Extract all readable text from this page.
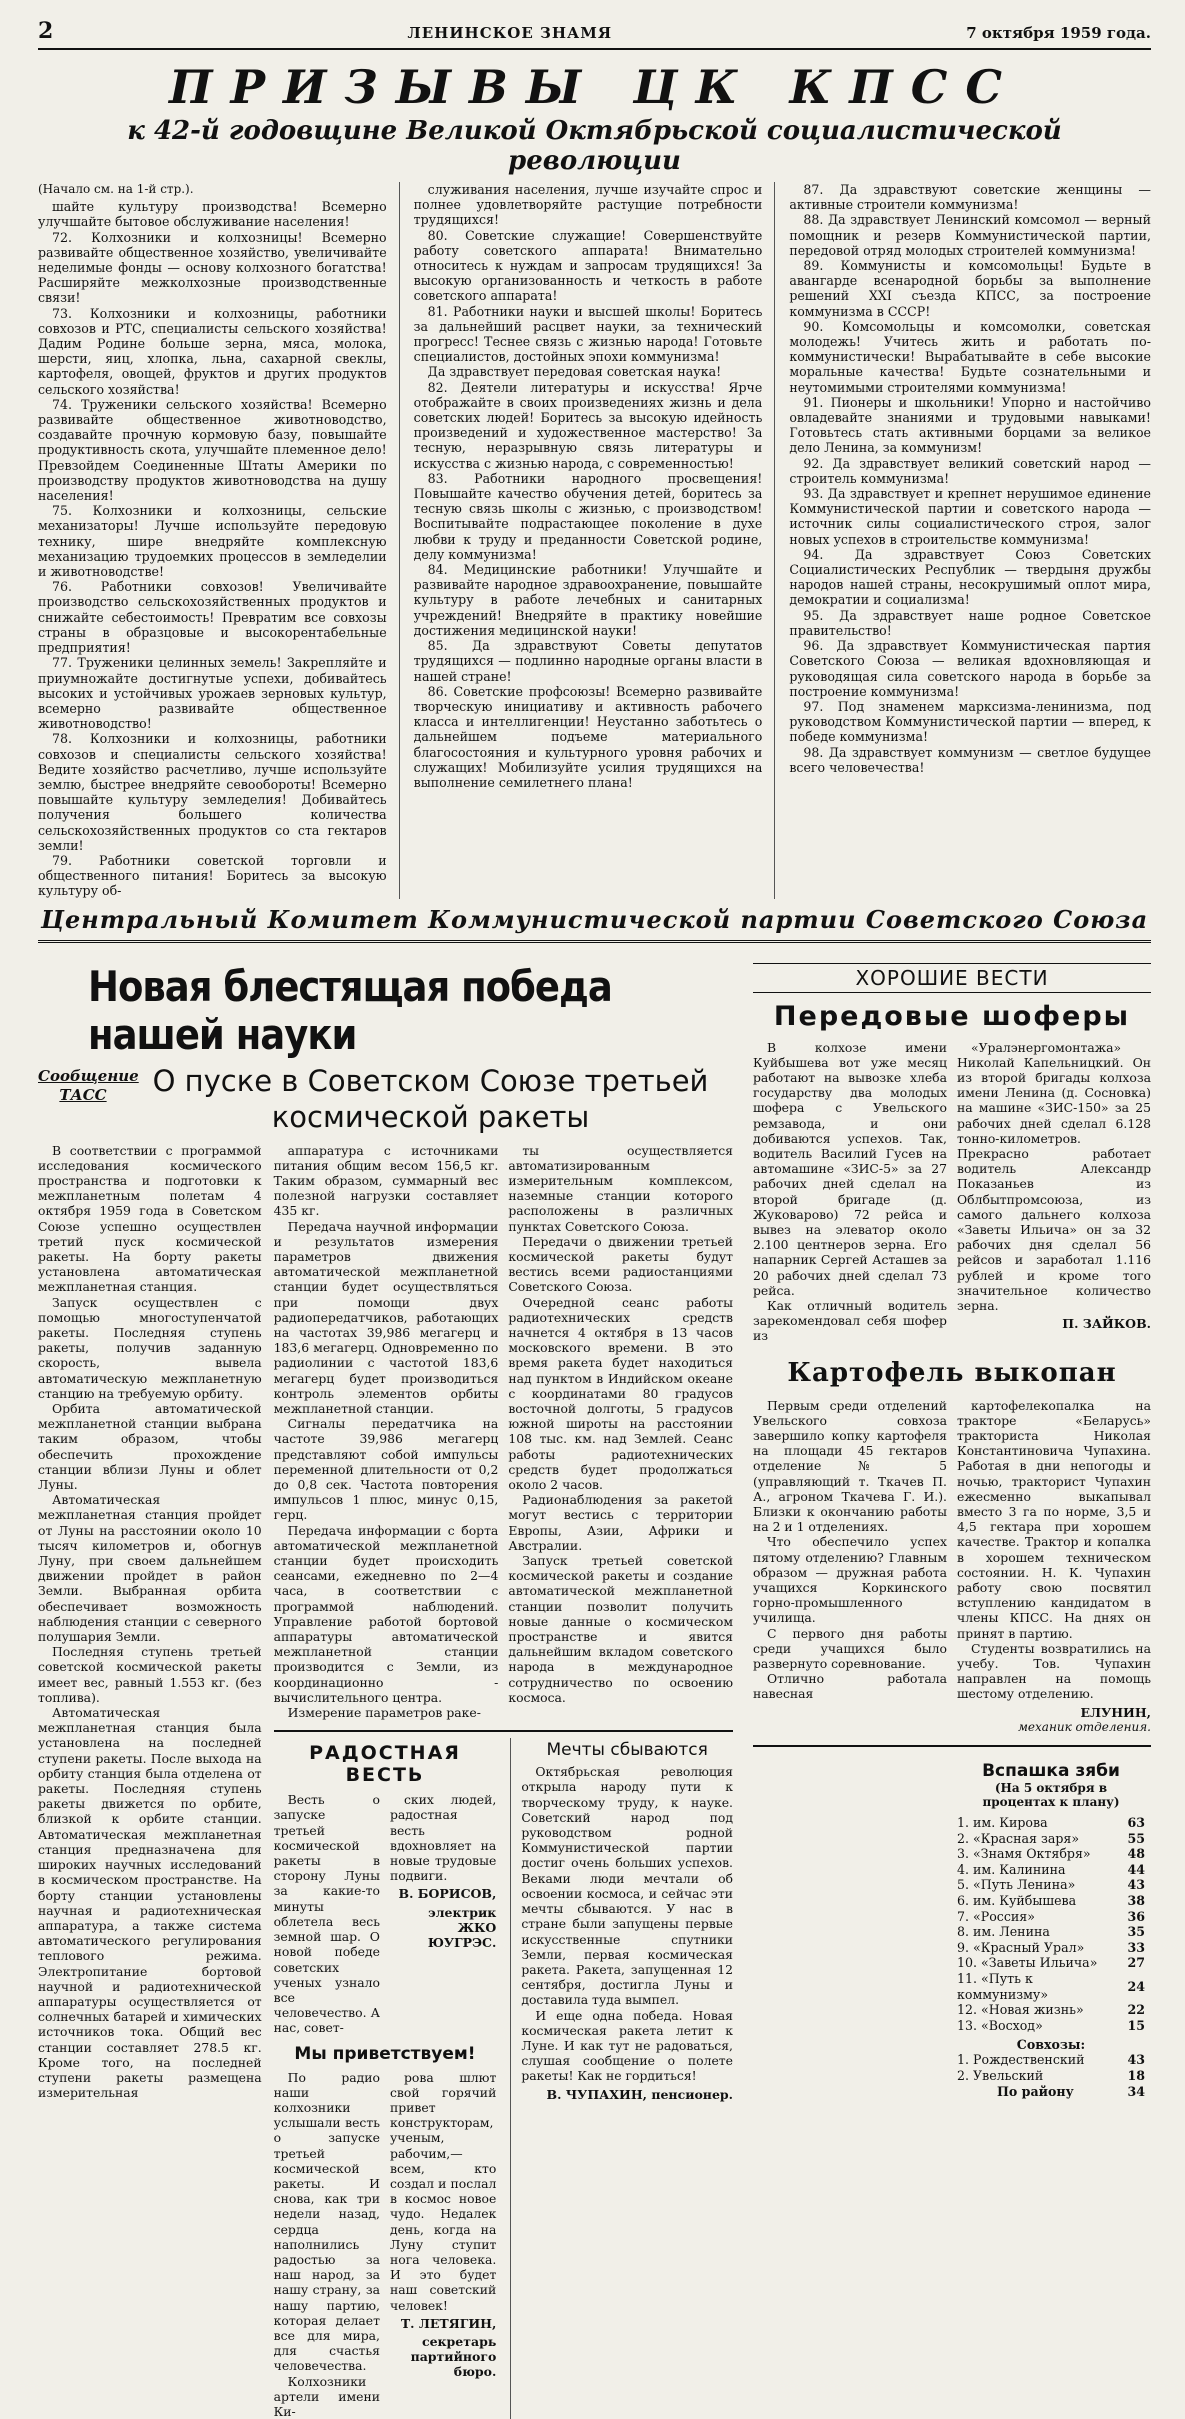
2	ЛЕНИНСКОЕ ЗНАМЯ	7 октября 1959 года.
ПРИЗЫВЫ ЦК КПСС
к 42-й годовщине Великой Октябрьской социалистической революции

(Начало см. на 1-й стр.).

шайте культуру производства! Всемерно улучшайте бытовое обслуживание населения!

72. Колхозники и колхозницы! Всемерно развивайте общественное хозяйство, увеличивайте неделимые фонды — основу колхозного богатства! Расширяйте межколхозные производственные связи!

73. Колхозники и колхозницы, работники совхозов и РТС, специалисты сельского хозяйства! Дадим Родине больше зерна, мяса, молока, шерсти, яиц, хлопка, льна, сахарной свеклы, картофеля, овощей, фруктов и других продуктов сельского хозяйства!

74. Труженики сельского хозяйства! Всемерно развивайте общественное животноводство, создавайте прочную кормовую базу, повышайте продуктивность скота, улучшайте племенное дело! Превзойдем Соединенные Штаты Америки по производству продуктов животноводства на душу населения!

75. Колхозники и колхозницы, сельские механизаторы! Лучше используйте передовую технику, шире внедряйте комплексную механизацию трудоемких процессов в земледелии и животноводстве!

76. Работники совхозов! Увеличивайте производство сельскохозяйственных продуктов и снижайте себестоимость! Превратим все совхозы страны в образцовые и высокорентабельные предприятия!

77. Труженики целинных земель! Закрепляйте и приумножайте достигнутые успехи, добивайтесь высоких и устойчивых урожаев зерновых культур, всемерно развивайте общественное животноводство!

78. Колхозники и колхозницы, работники совхозов и специалисты сельского хозяйства! Ведите хозяйство расчетливо, лучше используйте землю, быстрее внедряйте севообороты! Всемерно повышайте культуру земледелия! Добивайтесь получения большего количества сельскохозяйственных продуктов со ста гектаров земли!

79. Работники советской торговли и общественного питания! Боритесь за высокую культуру об-

служивания населения, лучше изучайте спрос и полнее удовлетворяйте растущие потребности трудящихся!

80. Советские служащие! Совершенствуйте работу советского аппарата! Внимательно относитесь к нуждам и запросам трудящихся! За высокую организованность и четкость в работе советского аппарата!

81. Работники науки и высшей школы! Боритесь за дальнейший расцвет науки, за технический прогресс! Теснее связь с жизнью народа! Готовьте специалистов, достойных эпохи коммунизма!

Да здравствует передовая советская наука!

82. Деятели литературы и искусства! Ярче отображайте в своих произведениях жизнь и дела советских людей! Боритесь за высокую идейность произведений и художественное мастерство! За тесную, неразрывную связь литературы и искусства с жизнью народа, с современностью!

83. Работники народного просвещения! Повышайте качество обучения детей, боритесь за тесную связь школы с жизнью, с производством! Воспитывайте подрастающее поколение в духе любви к труду и преданности Советской родине, делу коммунизма!

84. Медицинские работники! Улучшайте и развивайте народное здравоохранение, повышайте культуру в работе лечебных и санитарных учреждений! Внедряйте в практику новейшие достижения медицинской науки!

85. Да здравствуют Советы депутатов трудящихся — подлинно народные органы власти в нашей стране!

86. Советские профсоюзы! Всемерно развивайте творческую инициативу и активность рабочего класса и интеллигенции! Неустанно заботьтесь о дальнейшем подъеме материального благосостояния и культурного уровня рабочих и служащих! Мобилизуйте усилия трудящихся на выполнение семилетнего плана!

87. Да здравствуют советские женщины — активные строители коммунизма!

88. Да здравствует Ленинский комсомол — верный помощник и резерв Коммунистической партии, передовой отряд молодых строителей коммунизма!

89. Коммунисты и комсомольцы! Будьте в авангарде всенародной борьбы за выполнение решений XXI съезда КПСС, за построение коммунизма в СССР!

90. Комсомольцы и комсомолки, советская молодежь! Учитесь жить и работать по-коммунистически! Вырабатывайте в себе высокие моральные качества! Будьте сознательными и неутомимыми строителями коммунизма!

91. Пионеры и школьники! Упорно и настойчиво овладевайте знаниями и трудовыми навыками! Готовьтесь стать активными борцами за великое дело Ленина, за коммунизм!

92. Да здравствует великий советский народ — строитель коммунизма!

93. Да здравствует и крепнет нерушимое единение Коммунистической партии и советского народа — источник силы социалистического строя, залог новых успехов в строительстве коммунизма!

94. Да здравствует Союз Советских Социалистических Республик — твердыня дружбы народов нашей страны, несокрушимый оплот мира, демократии и социализма!

95. Да здравствует наше родное Советское правительство!

96. Да здравствует Коммунистическая партия Советского Союза — великая вдохновляющая и руководящая сила советского народа в борьбе за построение коммунизма!

97. Под знаменем марксизма-ленинизма, под руководством Коммунистической партии — вперед, к победе коммунизма!

98. Да здравствует коммунизм — светлое будущее всего человечества!

Центральный Комитет Коммунистической партии Советского Союза
Новая блестящая победа нашей науки
Сообщение ТАСС	О пуске в Советском Союзе третьей космической ракеты

В соответствии с программой исследования космического пространства и подготовки к межпланетным полетам 4 октября 1959 года в Советском Союзе успешно осуществлен третий пуск космической ракеты. На борту ракеты установлена автоматическая межпланетная станция.

Запуск осуществлен с помощью многоступенчатой ракеты. Последняя ступень ракеты, получив заданную скорость, вывела автоматическую межпланетную станцию на требуемую орбиту.

Орбита автоматической межпланетной станции выбрана таким образом, чтобы обеспечить прохождение станции вблизи Луны и облет Луны.

Автоматическая межпланетная станция пройдет от Луны на расстоянии около 10 тысяч километров и, обогнув Луну, при своем дальнейшем движении пройдет в район Земли. Выбранная орбита обеспечивает возможность наблюдения станции с северного полушария Земли.

Последняя ступень третьей советской космической ракеты имеет вес, равный 1.553 кг. (без топлива).

Автоматическая межпланетная станция была установлена на последней ступени ракеты. После выхода на орбиту станция была отделена от ракеты. Последняя ступень ракеты движется по орбите, близкой к орбите станции. Автоматическая межпланетная станция предназначена для широких научных исследований в космическом пространстве. На борту станции установлены научная и радиотехническая аппаратура, а также система автоматического регулирования теплового режима. Электропитание бортовой научной и радиотехнической аппаратуры осуществляется от солнечных батарей и химических источников тока. Общий вес станции составляет 278.5 кг. Кроме того, на последней ступени ракеты размещена измерительная

аппаратура с источниками питания общим весом 156,5 кг. Таким образом, суммарный вес полезной нагрузки составляет 435 кг.

Передача научной информации и результатов измерения параметров движения автоматической межпланетной станции будет осуществляться при помощи двух радиопередатчиков, работающих на частотах 39,986 мегагерц и 183,6 мегагерц. Одновременно по радиолинии с частотой 183,6 мегагерц будет производиться контроль элементов орбиты межпланетной станции.

Сигналы передатчика на частоте 39,986 мегагерц представляют собой импульсы переменной длительности от 0,2 до 0,8 сек. Частота повторения импульсов 1 плюс, минус 0,15, герц.

Передача информации с борта автоматической межпланетной станции будет происходить сеансами, ежедневно по 2—4 часа, в соответствии с программой наблюдений. Управление работой бортовой аппаратуры автоматической межпланетной станции производится с Земли, из координационно - вычислительного центра.

Измерение параметров раке-

ты осуществляется автоматизированным измерительным комплексом, наземные станции которого расположены в различных пунктах Советского Союза.

Передачи о движении третьей космической ракеты будут вестись всеми радиостанциями Советского Союза.

Очередной сеанс работы радиотехнических средств начнется 4 октября в 13 часов московского времени. В это время ракета будет находиться над пунктом в Индийском океане с координатами 80 градусов восточной долготы, 5 градусов южной широты на расстоянии 108 тыс. км. над Землей. Сеанс работы радиотехнических средств будет продолжаться около 2 часов.

Радионаблюдения за ракетой могут вестись с территории Европы, Азии, Африки и Австралии.

Запуск третьей советской космической ракеты и создание автоматической межпланетной станции позволит получить новые данные о космическом пространстве и явится дальнейшим вкладом советского народа в международное сотрудничество по освоению космоса.

РАДОСТНАЯ ВЕСТЬ

Весть о запуске третьей космической ракеты в сторону Луны за какие-то минуты облетела весь земной шар. О новой победе советских ученых узнало все человечество. А нас, совет-

ских людей, радостная весть вдохновляет на новые трудовые подвиги.

В. БОРИСОВ,
электрик ЖКО ЮУГРЭС.
Мы приветствуем!

По радио наши колхозники услышали весть о запуске третьей космической ракеты. И снова, как три недели назад, сердца наполнились радостью за наш народ, за нашу страну, за нашу партию, которая делает все для мира, для счастья человечества.

Колхозники артели имени Ки-

рова шлют свой горячий привет конструкторам, ученым, рабочим,—всем, кто создал и послал в космос новое чудо. Недалек день, когда на Луну ступит нога человека. И это будет наш советский человек!

Т. ЛЕТЯГИН,
секретарь партийного бюро.
Мечты сбываются

Октябрьская революция открыла народу пути к творческому труду, к науке. Советский народ под руководством родной Коммунистической партии достиг очень больших успехов. Веками люди мечтали об освоении космоса, и сейчас эти мечты сбываются. У нас в стране были запущены первые искусственные спутники Земли, первая космическая ракета. Ракета, запущенная 12 сентября, достигла Луны и доставила туда вымпел.

И еще одна победа. Новая космическая ракета летит к Луне. И как тут не радоваться, слушая сообщение о полете ракеты! Как не гордиться!

В. ЧУПАХИН, пенсионер.
ХОРОШИЕ ВЕСТИ
Передовые шоферы

В колхозе имени Куйбышева вот уже месяц работают на вывозке хлеба государству два молодых шофера с Увельского ремзавода, и они добиваются успехов. Так, водитель Василий Гусев на автомашине «ЗИС-5» за 27 рабочих дней сделал на второй бригаде (д. Жуковарово) 72 рейса и вывез на элеватор около 2.100 центнеров зерна. Его напарник Сергей Асташев за 20 рабочих дней сделал 73 рейса.

Как отличный водитель зарекомендовал себя шофер из

«Уралэнергомонтажа» Николай Капельницкий. Он из второй бригады колхоза имени Ленина (д. Сосновка) на машине «ЗИС-150» за 25 рабочих дней сделал 6.128 тонно-километров. Прекрасно работает водитель Александр Показаньев из Облбытпромсоюза, из самого дальнего колхоза «Заветы Ильича» он за 32 рабочих дня сделал 56 рейсов и заработал 1.116 рублей и кроме того значительное количество зерна.

П. ЗАЙКОВ.
Картофель выкопан

Первым среди отделений Увельского совхоза завершило копку картофеля на площади 45 гектаров отделение № 5 (управляющий т. Ткачев П. А., агроном Ткачева Г. И.). Близки к окончанию работы на 2 и 1 отделениях.

Что обеспечило успех пятому отделению? Главным образом — дружная работа учащихся Коркинского горно-промышленного училища.

С первого дня работы среди учащихся было развернуто соревнование.

Отлично работала навесная

картофелекопалка на тракторе «Беларусь» тракториста Николая Константиновича Чупахина. Работая в дни непогоды и ночью, тракторист Чупахин ежесменно выкапывал вместо 3 га по норме, 3,5 и 4,5 гектара при хорошем качестве. Трактор и копалка в хорошем техническом состоянии. Н. К. Чупахин работу свою посвятил вступлению кандидатом в члены КПСС. На днях он принят в партию.

Студенты возвратились на учебу. Тов. Чупахин направлен на помощь шестому отделению.

ЕЛУНИН,
механик отделения.
Вспашка зяби
(На 5 октября в процентах к плану)
1. им. Кирова	63
2. «Красная заря»	55
3. «Знамя Октября»	48
4. им. Калинина	44
5. «Путь Ленина»	43
6. им. Куйбышева	38
7. «Россия»	36
8. им. Ленина	35
9. «Красный Урал»	33
10. «Заветы Ильича»	27
11. «Путь к коммунизму»	24
12. «Новая жизнь»	22
13. «Восход»	15
Совхозы:
1. Рождественский	43
2. Увельский	18
По району	34
